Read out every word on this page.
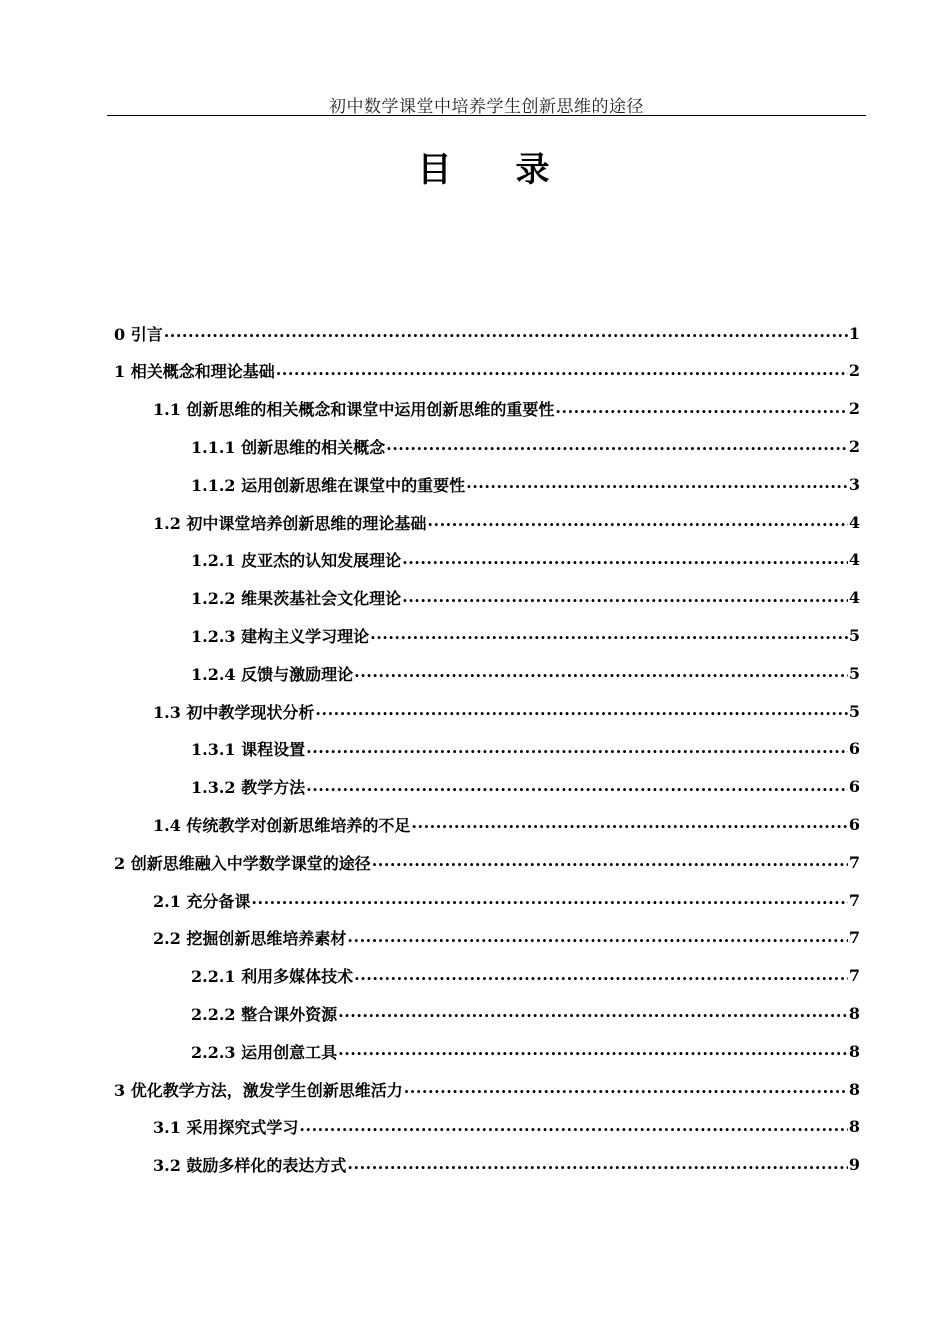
初中数学课堂中培养学生创新思维的途径
目 录
0 引言 .....	1
1 相关概念和理论基础 .....	2
1.1 创新思维的相关概念和课堂中运用创新思维的重要性 .....	2
1.1.1 创新思维的相关概念 .....	2
1.1.2 运用创新思维在课堂中的重要性 .....	3
1.2 初中课堂培养创新思维的理论基础 .....	4
1.2.1 皮亚杰的认知发展理论 .....	4
1.2.2 维果茨基社会文化理论 .....	4
1.2.3 建构主义学习理论 .....	5
1.2.4 反馈与激励理论 .....	5
1.3 初中教学现状分析 .....	5
1.3.1 课程设置 .....	6
1.3.2 教学方法 .....	6
1.4 传统教学对创新思维培养的不足 .....	6
2 创新思维融入中学数学课堂的途径 .....	7
2.1 充分备课 .....	7
2.2 挖掘创新思维培养素材 .....	7
2.2.1 利用多媒体技术 .....	7
2.2.2 整合课外资源 .....	8
2.2.3 运用创意工具 .....	8
3 优化教学方法，激发学生创新思维活力 .....	8
3.1 采用探究式学习 .....	8
3.2 鼓励多样化的表达方式 .....	9
